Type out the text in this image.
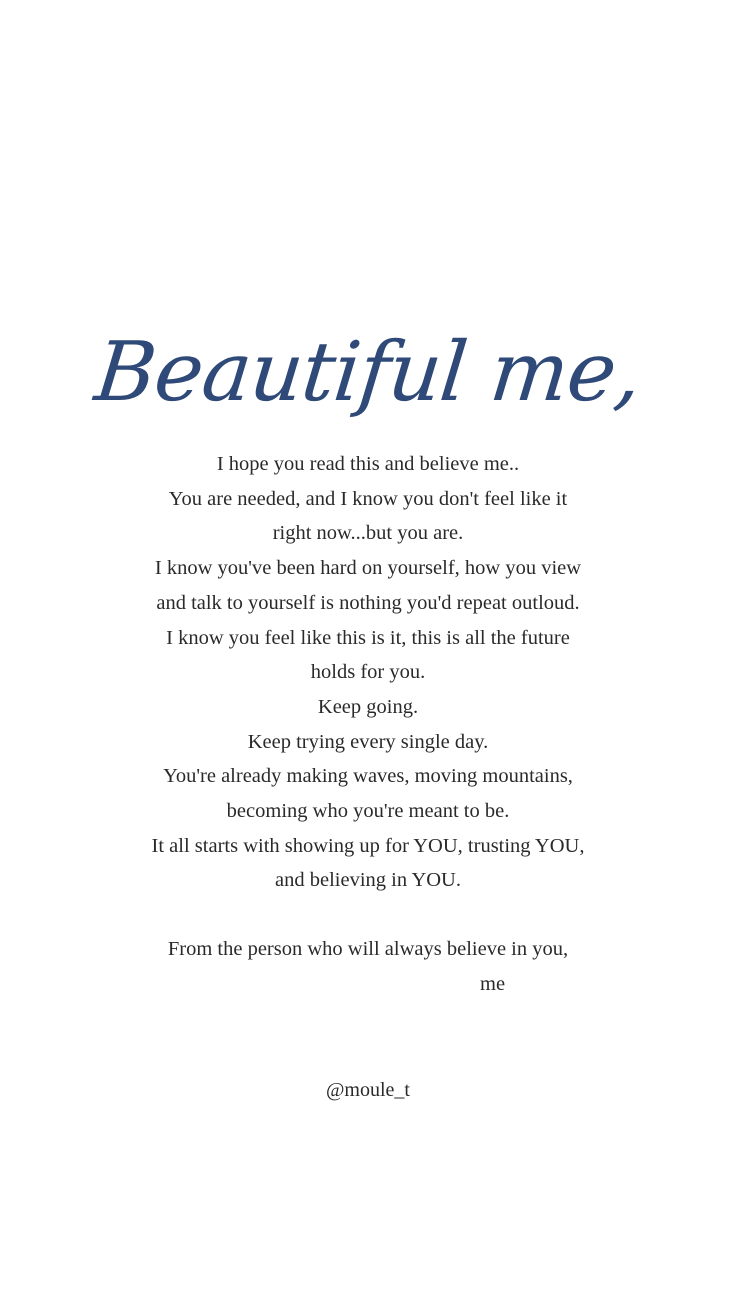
Beautiful me,
I hope you read this and believe me..
You are needed, and I know you don't feel like it
right now...but you are.
I know you've been hard on yourself, how you view
and talk to yourself is nothing you'd repeat outloud.
I know you feel like this is it, this is all the future
holds for you.
Keep going.
Keep trying every single day.
You're already making waves, moving mountains,
becoming who you're meant to be.
It all starts with showing up for YOU, trusting YOU,
and believing in YOU.
From the person who will always believe in you,
me
@moule_t
